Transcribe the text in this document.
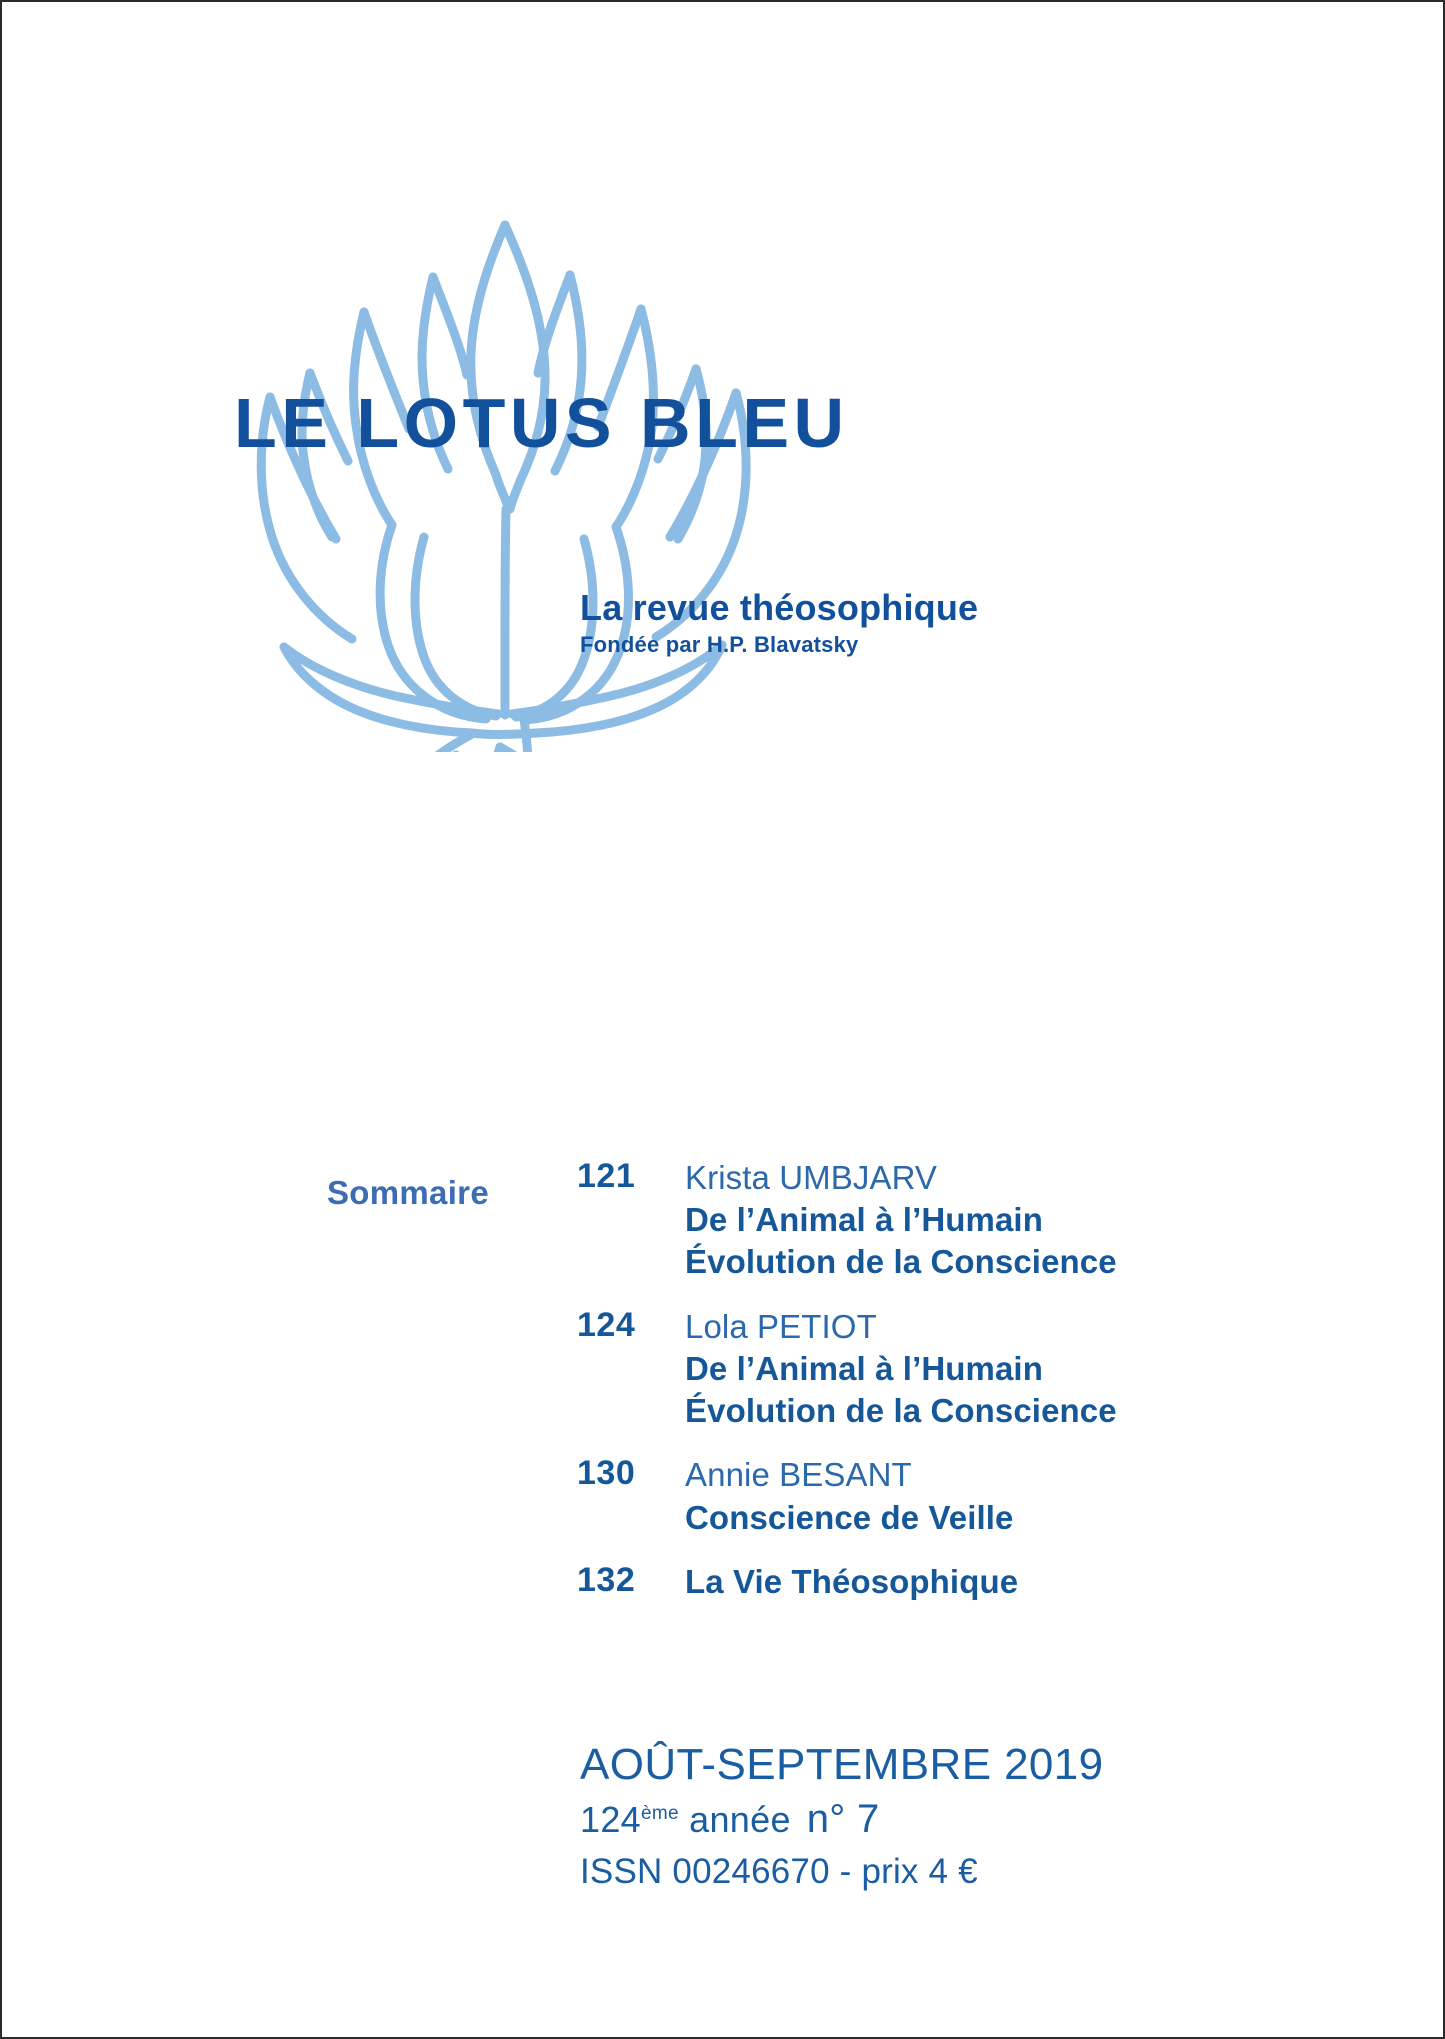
LE LOTUS BLEU
La revue théosophique
Fondée par H.P. Blavatsky
Sommaire	121	Krista UMBJARV
De l’Animal à l’Humain
Évolution de la Conscience
124	Lola PETIOT
De l’Animal à l’Humain
Évolution de la Conscience
130	Annie BESANT
Conscience de Veille
132	La Vie Théosophique
AOÛT-SEPTEMBRE 2019
124ème année n° 7
ISSN 00246670 - prix 4 €
